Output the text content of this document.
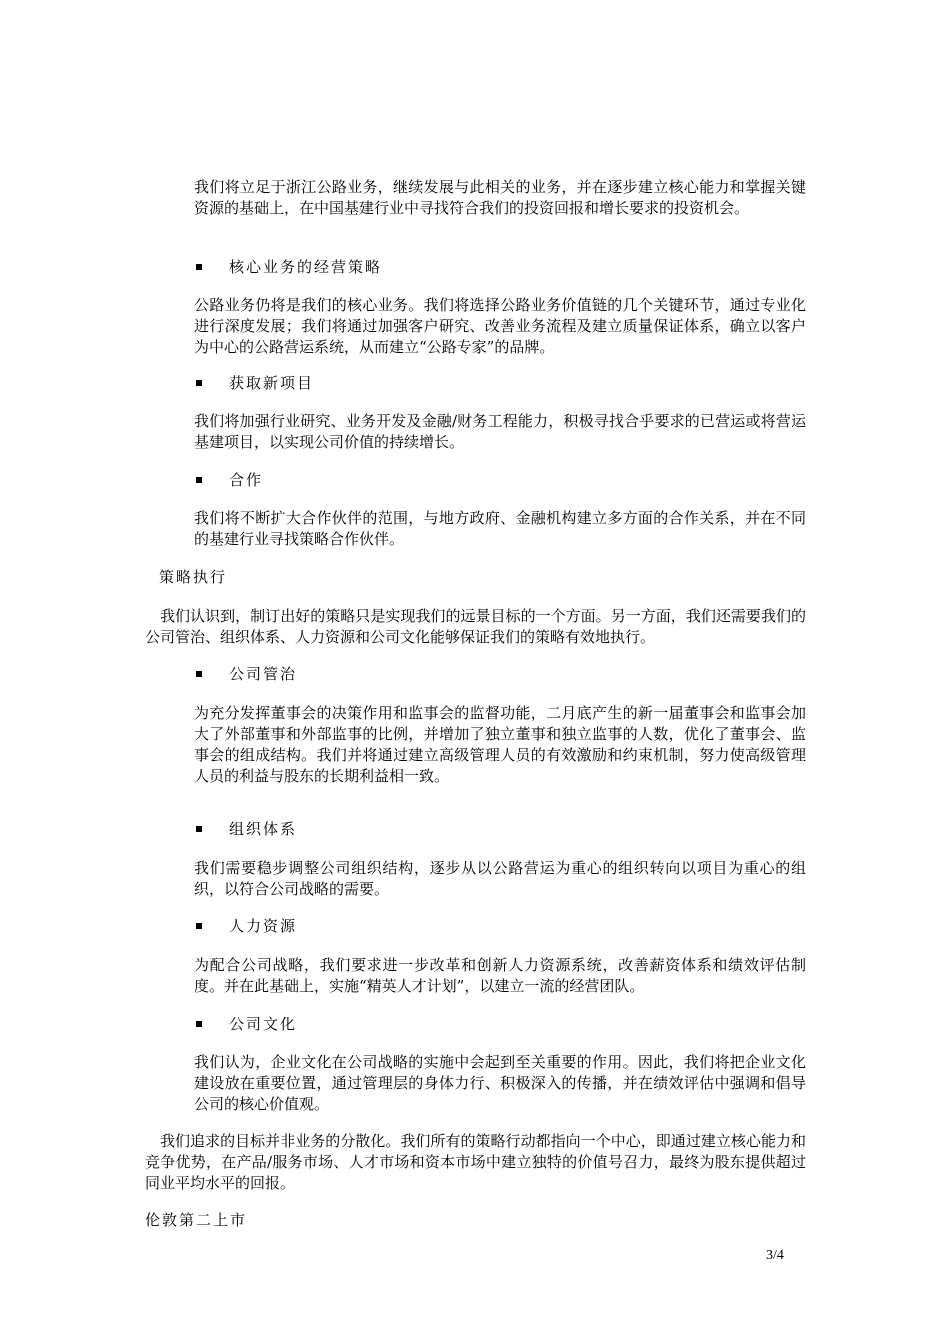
我们将立足于浙江公路业务，继续发展与此相关的业务，并在逐步建立核心能力和掌握关键资源的基础上，在中国基建行业中寻找符合我们的投资回报和增长要求的投资机会。

核心业务的经营策略

公路业务仍将是我们的核心业务。我们将选择公路业务价值链的几个关键环节，通过专业化进行深度发展；我们将通过加强客户研究、改善业务流程及建立质量保证体系，确立以客户为中心的公路营运系统，从而建立“公路专家”的品牌。

获取新项目

我们将加强行业研究、业务开发及金融/财务工程能力，积极寻找合乎要求的已营运或将营运基建项目，以实现公司价值的持续增长。

合作

我们将不断扩大合作伙伴的范围，与地方政府、金融机构建立多方面的合作关系，并在不同的基建行业寻找策略合作伙伴。

策略执行

我们认识到，制订出好的策略只是实现我们的远景目标的一个方面。另一方面，我们还需要我们的公司管治、组织体系、人力资源和公司文化能够保证我们的策略有效地执行。

公司管治

为充分发挥董事会的决策作用和监事会的监督功能，二月底产生的新一届董事会和监事会加大了外部董事和外部监事的比例，并增加了独立董事和独立监事的人数，优化了董事会、监事会的组成结构。我们并将通过建立高级管理人员的有效激励和约束机制，努力使高级管理人员的利益与股东的长期利益相一致。

组织体系

我们需要稳步调整公司组织结构，逐步从以公路营运为重心的组织转向以项目为重心的组织，以符合公司战略的需要。

人力资源

为配合公司战略，我们要求进一步改革和创新人力资源系统，改善薪资体系和绩效评估制度。并在此基础上，实施“精英人才计划”，以建立一流的经营团队。

公司文化

我们认为，企业文化在公司战略的实施中会起到至关重要的作用。因此，我们将把企业文化建设放在重要位置，通过管理层的身体力行、积极深入的传播，并在绩效评估中强调和倡导公司的核心价值观。

我们追求的目标并非业务的分散化。我们所有的策略行动都指向一个中心，即通过建立核心能力和竞争优势，在产品/服务市场、人才市场和资本市场中建立独特的价值号召力，最终为股东提供超过同业平均水平的回报。

伦敦第二上市
3/4
